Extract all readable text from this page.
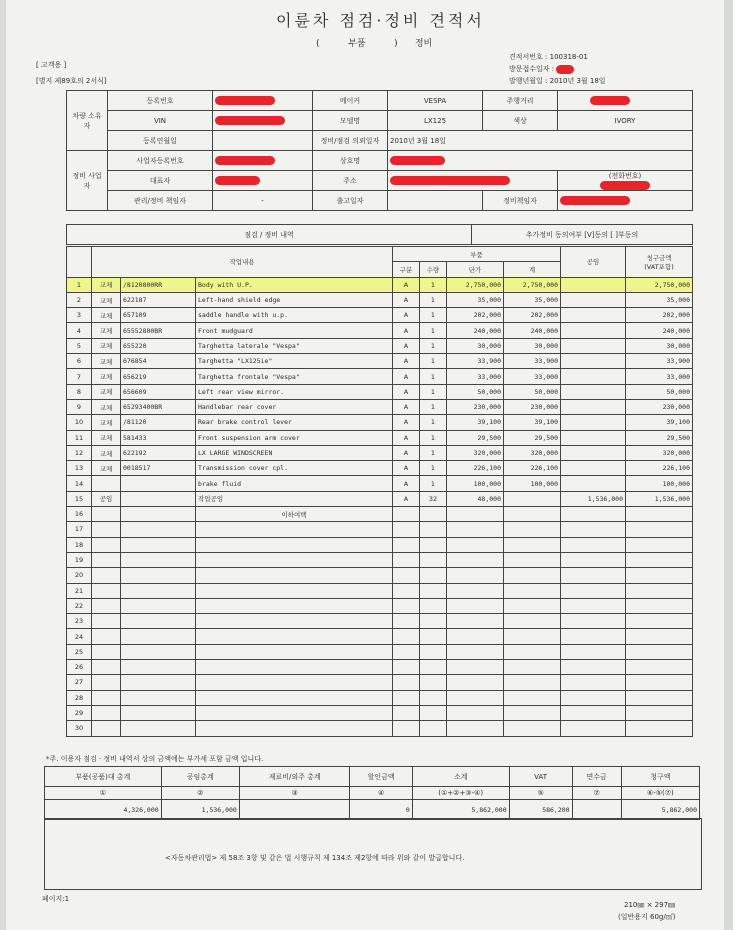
이륜차 점검·정비 견적서
(	부품	) 정비
[ 고객용 ]
[별지 제89호의 2서식]
견적서번호 : 100318-01
방문접수일자 :
발행년월일 : 2010년 3월 18일
차량 소유자	등록번호		메이커	VESPA	주행거리	
	VIN		모델명	LX125	색상	IVORY
	등록연월일		정비/점검 의뢰일자	2010년 3월 18일		
정비 사업자	사업자등록번호		상호명			
	대표자		주소			(전화번호)

	관리/정비 책임자	-	출고일자		정비책임자	
점검 / 정비 내역	추가정비 동의여부 [V]동의 [ ]부동의
	작업내용			부품				공임	청구금액
(VAT포함)
				구분	수량	단가	계		
1	교체	/8120800RR	Body with U.P.	A	1	2,750,000	2,750,000		2,750,000
2	교체	622187	Left-hand shield edge	A	1	35,000	35,000		35,000
3	교체	657109	saddle handle with u.p.	A	1	202,000	202,000		202,000
4	교체	65552800BR	Front mudguard	A	1	240,000	240,000		240,000
5	교체	655220	Targhetta laterale "Vespa"	A	1	30,000	30,000		30,000
6	교체	676854	Targhetta "LX125ie"	A	1	33,900	33,900		33,900
7	교체	656219	Targhetta frontale "Vespa"	A	1	33,000	33,000		33,000
8	교체	656609	Left rear view mirror.	A	1	50,000	50,000		50,000
9	교체	65293400BR	Handlebar rear cover	A	1	230,000	230,000		230,000
10	교체	/81120	Rear brake control lever	A	1	39,100	39,100		39,100
11	교체	581433	Front suspension arm cover	A	1	29,500	29,500		29,500
12	교체	622192	LX LARGE WINDSCREEN	A	1	320,000	320,000		320,000
13	교체	0018517	Transmission cover cpl.	A	1	226,100	226,100		226,100
14			brake fluid	A	1	100,000	100,000		100,000
15	공임		작업공임	A	32	48,000		1,536,000	1,536,000
16			이하여백						
17									
18									
19									
20									
21									
22									
23									
24									
25									
26									
27									
28									
29									
30									
*주. 이용자 점검 · 정비 내역서 상의 금액에는 부가세 포함 금액 입니다.
부품(공품)대 총계	공임총계	재료비/외주 총계	할인금액	소계	VAT	면수금	청구액
①	②	③	④	(①+②+③-④)	⑤	⑦	⑥-⑤(⑦)
4,326,000	1,536,000		0	5,862,000	586,200		5,862,000
<자동차관리법> 제 58조 3항 및 같은 법 시행규칙 제 134조 제2항에 따라 위와 같이 발급합니다.
페이지:1
210㎜ × 297㎜
(일반용지 60g/㎡)
